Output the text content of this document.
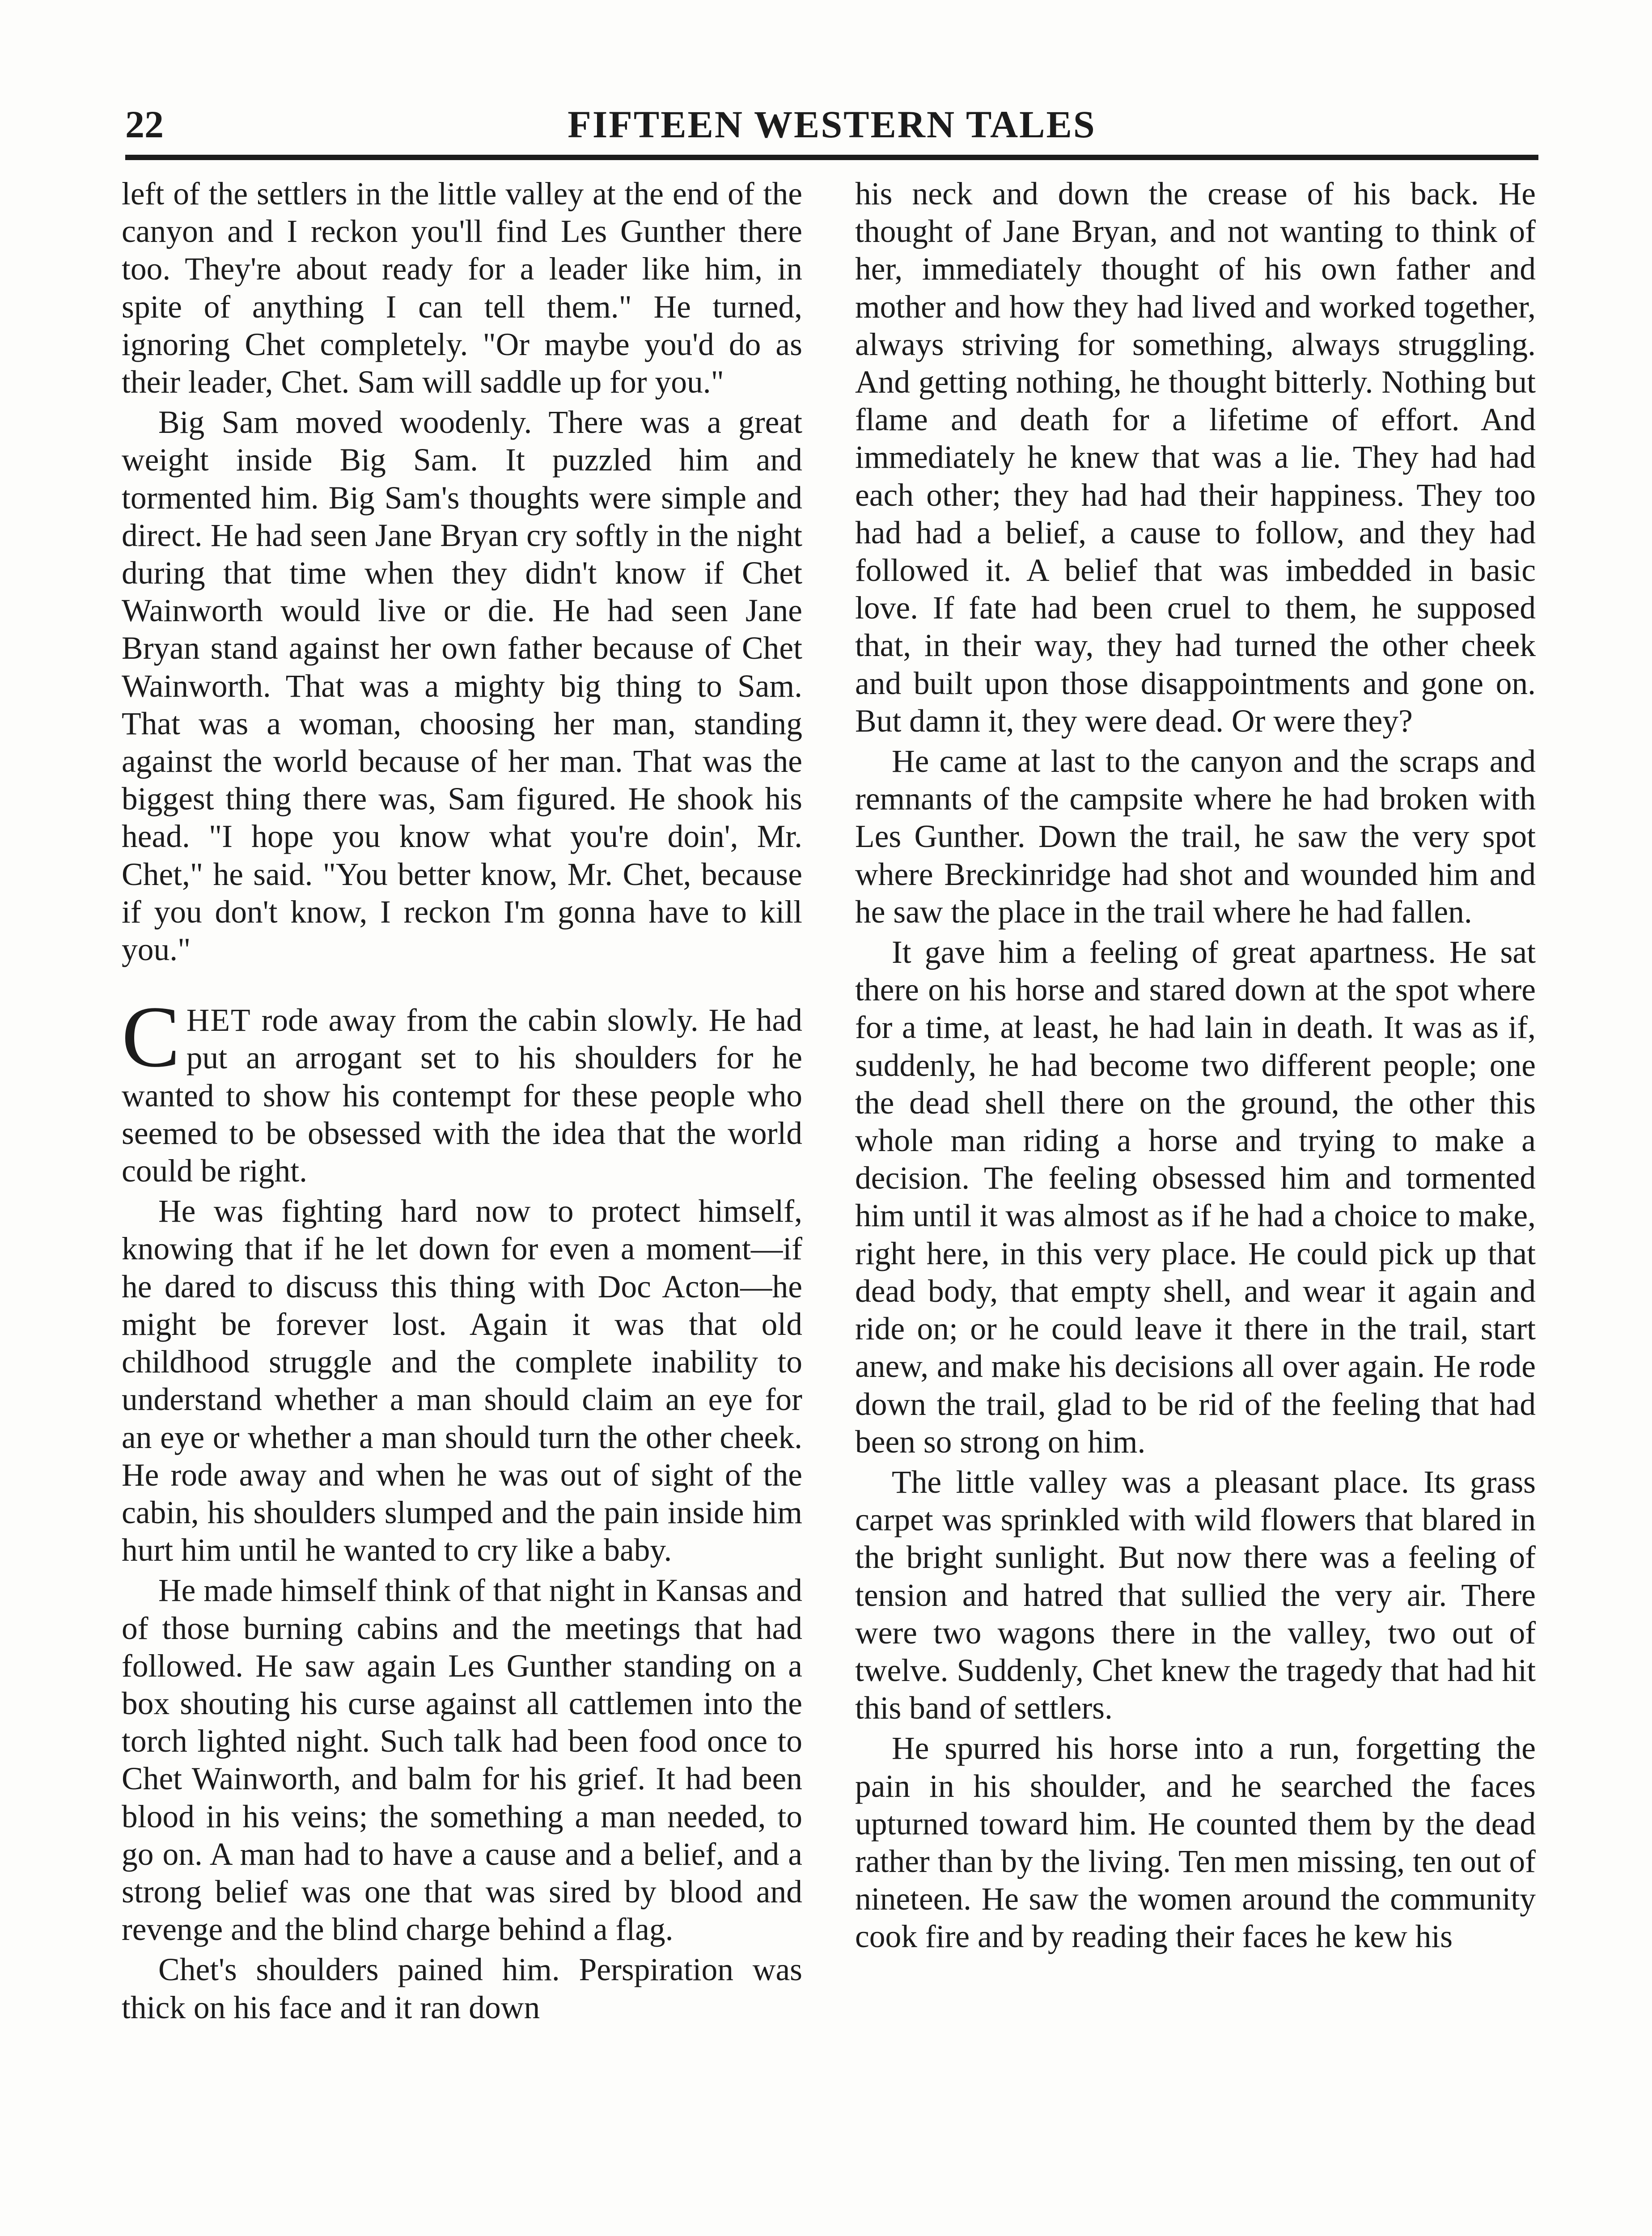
22	FIFTEEN WESTERN TALES

left of the settlers in the little valley at the end of the canyon and I reckon you'll find Les Gunther there too. They're about ready for a leader like him, in spite of anything I can tell them." He turned, ignoring Chet completely. "Or maybe you'd do as their leader, Chet. Sam will saddle up for you."

Big Sam moved woodenly. There was a great weight inside Big Sam. It puzzled him and tormented him. Big Sam's thoughts were simple and direct. He had seen Jane Bryan cry softly in the night during that time when they didn't know if Chet Wainworth would live or die. He had seen Jane Bryan stand against her own father because of Chet Wainworth. That was a mighty big thing to Sam. That was a woman, choosing her man, standing against the world because of her man. That was the biggest thing there was, Sam figured. He shook his head. "I hope you know what you're doin', Mr. Chet," he said. "You better know, Mr. Chet, because if you don't know, I reckon I'm gonna have to kill you."

CHET rode away from the cabin slowly. He had put an arrogant set to his shoulders for he wanted to show his contempt for these people who seemed to be obsessed with the idea that the world could be right.

He was fighting hard now to protect himself, knowing that if he let down for even a moment—if he dared to discuss this thing with Doc Acton—he might be forever lost. Again it was that old childhood struggle and the complete inability to understand whether a man should claim an eye for an eye or whether a man should turn the other cheek. He rode away and when he was out of sight of the cabin, his shoulders slumped and the pain inside him hurt him until he wanted to cry like a baby.

He made himself think of that night in Kansas and of those burning cabins and the meetings that had followed. He saw again Les Gunther standing on a box shouting his curse against all cattlemen into the torch lighted night. Such talk had been food once to Chet Wainworth, and balm for his grief. It had been blood in his veins; the something a man needed, to go on. A man had to have a cause and a belief, and a strong belief was one that was sired by blood and revenge and the blind charge behind a flag.

Chet's shoulders pained him. Perspiration was thick on his face and it ran down

his neck and down the crease of his back. He thought of Jane Bryan, and not wanting to think of her, immediately thought of his own father and mother and how they had lived and worked together, always striving for something, always struggling. And getting nothing, he thought bitterly. Nothing but flame and death for a lifetime of effort. And immediately he knew that was a lie. They had had each other; they had had their happiness. They too had had a belief, a cause to follow, and they had followed it. A belief that was imbedded in basic love. If fate had been cruel to them, he supposed that, in their way, they had turned the other cheek and built upon those disappointments and gone on. But damn it, they were dead. Or were they?

He came at last to the canyon and the scraps and remnants of the campsite where he had broken with Les Gunther. Down the trail, he saw the very spot where Breckinridge had shot and wounded him and he saw the place in the trail where he had fallen.

It gave him a feeling of great apartness. He sat there on his horse and stared down at the spot where for a time, at least, he had lain in death. It was as if, suddenly, he had become two different people; one the dead shell there on the ground, the other this whole man riding a horse and trying to make a decision. The feeling obsessed him and tormented him until it was almost as if he had a choice to make, right here, in this very place. He could pick up that dead body, that empty shell, and wear it again and ride on; or he could leave it there in the trail, start anew, and make his decisions all over again. He rode down the trail, glad to be rid of the feeling that had been so strong on him.

The little valley was a pleasant place. Its grass carpet was sprinkled with wild flowers that blared in the bright sunlight. But now there was a feeling of tension and hatred that sullied the very air. There were two wagons there in the valley, two out of twelve. Suddenly, Chet knew the tragedy that had hit this band of settlers.

He spurred his horse into a run, forgetting the pain in his shoulder, and he searched the faces upturned toward him. He counted them by the dead rather than by the living. Ten men missing, ten out of nineteen. He saw the women around the community cook fire and by reading their faces he kew his
